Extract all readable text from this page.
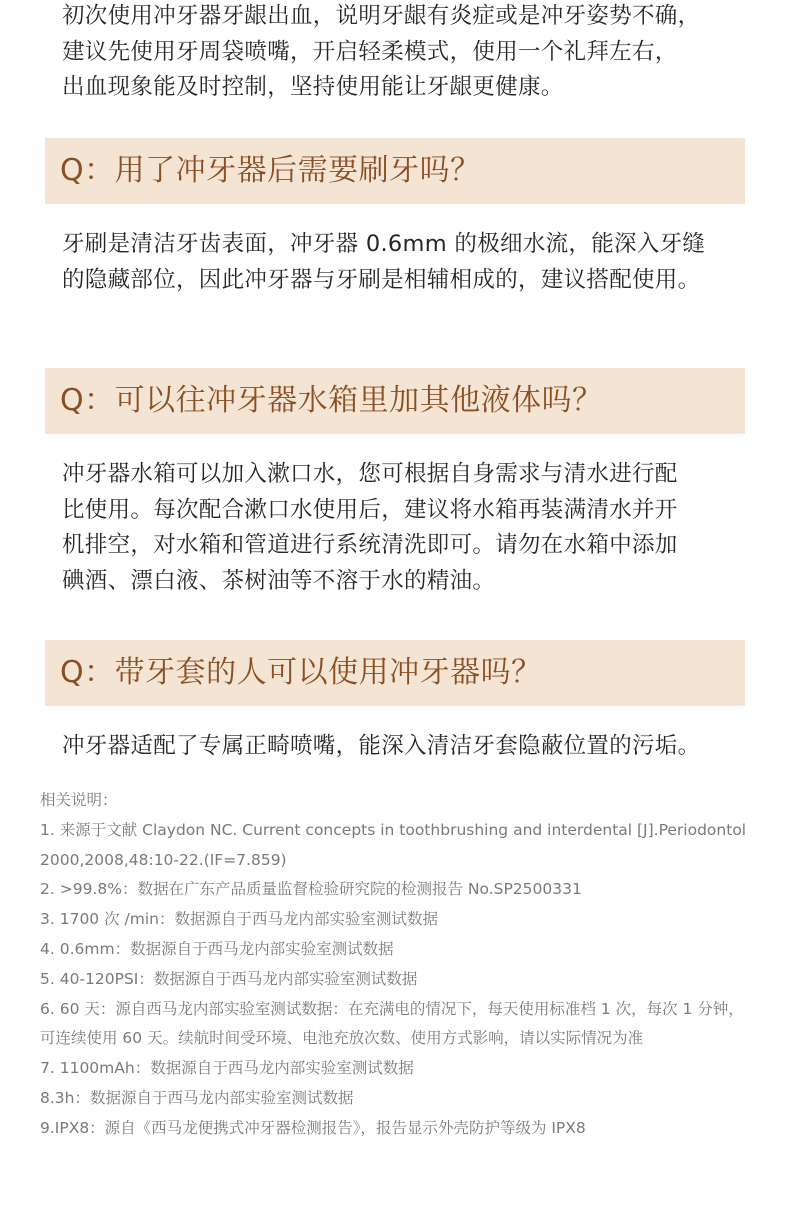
初次使用冲牙器牙龈出血，说明牙龈有炎症或是冲牙姿势不确，
建议先使用牙周袋喷嘴，开启轻柔模式，使用一个礼拜左右，
出血现象能及时控制，坚持使用能让牙龈更健康。

Q：用了冲牙器后需要刷牙吗？

牙刷是清洁牙齿表面，冲牙器 0.6mm 的极细水流，能深入牙缝
的隐藏部位，因此冲牙器与牙刷是相辅相成的，建议搭配使用。

Q：可以往冲牙器水箱里加其他液体吗？

冲牙器水箱可以加入漱口水，您可根据自身需求与清水进行配
比使用。每次配合漱口水使用后，建议将水箱再装满清水并开
机排空，对水箱和管道进行系统清洗即可。请勿在水箱中添加
碘酒、漂白液、茶树油等不溶于水的精油。

Q：带牙套的人可以使用冲牙器吗？

冲牙器适配了专属正畸喷嘴，能深入清洁牙套隐蔽位置的污垢。

相关说明：
1. 来源于文献 Claydon NC. Current concepts in toothbrushing and interdental [J].Periodontol
2000,2008,48:10-22.(IF=7.859)
2. >99.8%：数据在广东产品质量监督检验研究院的检测报告 No.SP2500331
3. 1700 次 /min：数据源自于西马龙内部实验室测试数据
4. 0.6mm：数据源自于西马龙内部实验室测试数据
5. 40-120PSI：数据源自于西马龙内部实验室测试数据
6. 60 天：源自西马龙内部实验室测试数据：在充满电的情况下，每天使用标准档 1 次，每次 1 分钟，
可连续使用 60 天。续航时间受环境、电池充放次数、使用方式影响，请以实际情况为准
7. 1100mAh：数据源自于西马龙内部实验室测试数据
8.3h：数据源自于西马龙内部实验室测试数据
9.IPX8：源自《西马龙便携式冲牙器检测报告》，报告显示外壳防护等级为 IPX8
